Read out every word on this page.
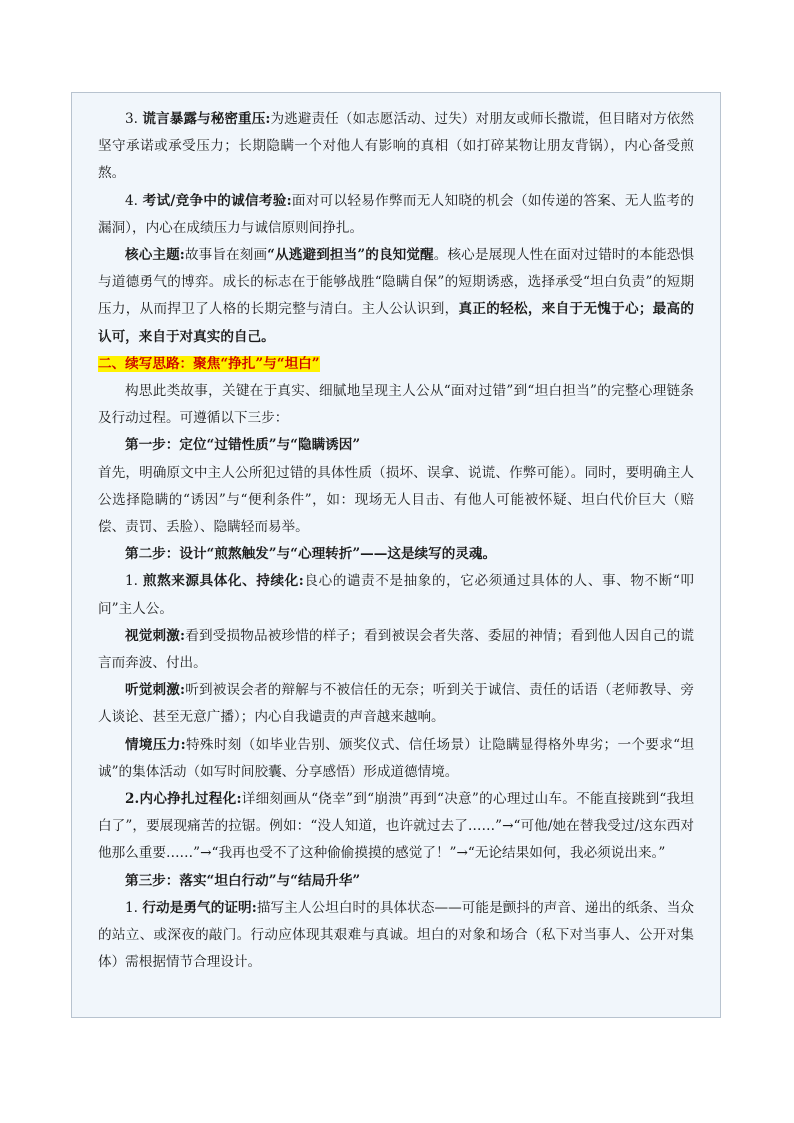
3. 谎言暴露与秘密重压:为逃避责任（如志愿活动、过失）对朋友或师长撒谎，但目睹对方依然坚守承诺或承受压力；长期隐瞒一个对他人有影响的真相（如打碎某物让朋友背锅），内心备受煎熬。

4. 考试/竞争中的诚信考验:面对可以轻易作弊而无人知晓的机会（如传递的答案、无人监考的漏洞），内心在成绩压力与诚信原则间挣扎。

核心主题:故事旨在刻画“从逃避到担当”的良知觉醒。核心是展现人性在面对过错时的本能恐惧与道德勇气的博弈。成长的标志在于能够战胜“隐瞒自保”的短期诱惑，选择承受“坦白负责”的短期压力，从而捍卫了人格的长期完整与清白。主人公认识到，真正的轻松，来自于无愧于心；最高的认可，来自于对真实的自己。

二、续写思路：聚焦“挣扎”与“坦白”

构思此类故事，关键在于真实、细腻地呈现主人公从“面对过错”到“坦白担当”的完整心理链条及行动过程。可遵循以下三步：

第一步：定位“过错性质”与“隐瞒诱因”

首先，明确原文中主人公所犯过错的具体性质（损坏、误拿、说谎、作弊可能）。同时，要明确主人公选择隐瞒的“诱因”与“便利条件”，如：现场无人目击、有他人可能被怀疑、坦白代价巨大（赔偿、责罚、丢脸）、隐瞒轻而易举。

第二步：设计“煎熬触发”与“心理转折”——这是续写的灵魂。

1. 煎熬来源具体化、持续化:良心的谴责不是抽象的，它必须通过具体的人、事、物不断“叩问”主人公。

视觉刺激:看到受损物品被珍惜的样子；看到被误会者失落、委屈的神情；看到他人因自己的谎言而奔波、付出。

听觉刺激:听到被误会者的辩解与不被信任的无奈；听到关于诚信、责任的话语（老师教导、旁人谈论、甚至无意广播）；内心自我谴责的声音越来越响。

情境压力:特殊时刻（如毕业告别、颁奖仪式、信任场景）让隐瞒显得格外卑劣；一个要求“坦诚”的集体活动（如写时间胶囊、分享感悟）形成道德情境。

2.内心挣扎过程化:详细刻画从“侥幸”到“崩溃”再到“决意”的心理过山车。不能直接跳到“我坦白了”，要展现痛苦的拉锯。例如：“没人知道，也许就过去了……”→“可他/她在替我受过/这东西对他那么重要……”→“我再也受不了这种偷偷摸摸的感觉了！”→“无论结果如何，我必须说出来。”

第三步：落实“坦白行动”与“结局升华”

1. 行动是勇气的证明:描写主人公坦白时的具体状态——可能是颤抖的声音、递出的纸条、当众的站立、或深夜的敲门。行动应体现其艰难与真诚。坦白的对象和场合（私下对当事人、公开对集体）需根据情节合理设计。
